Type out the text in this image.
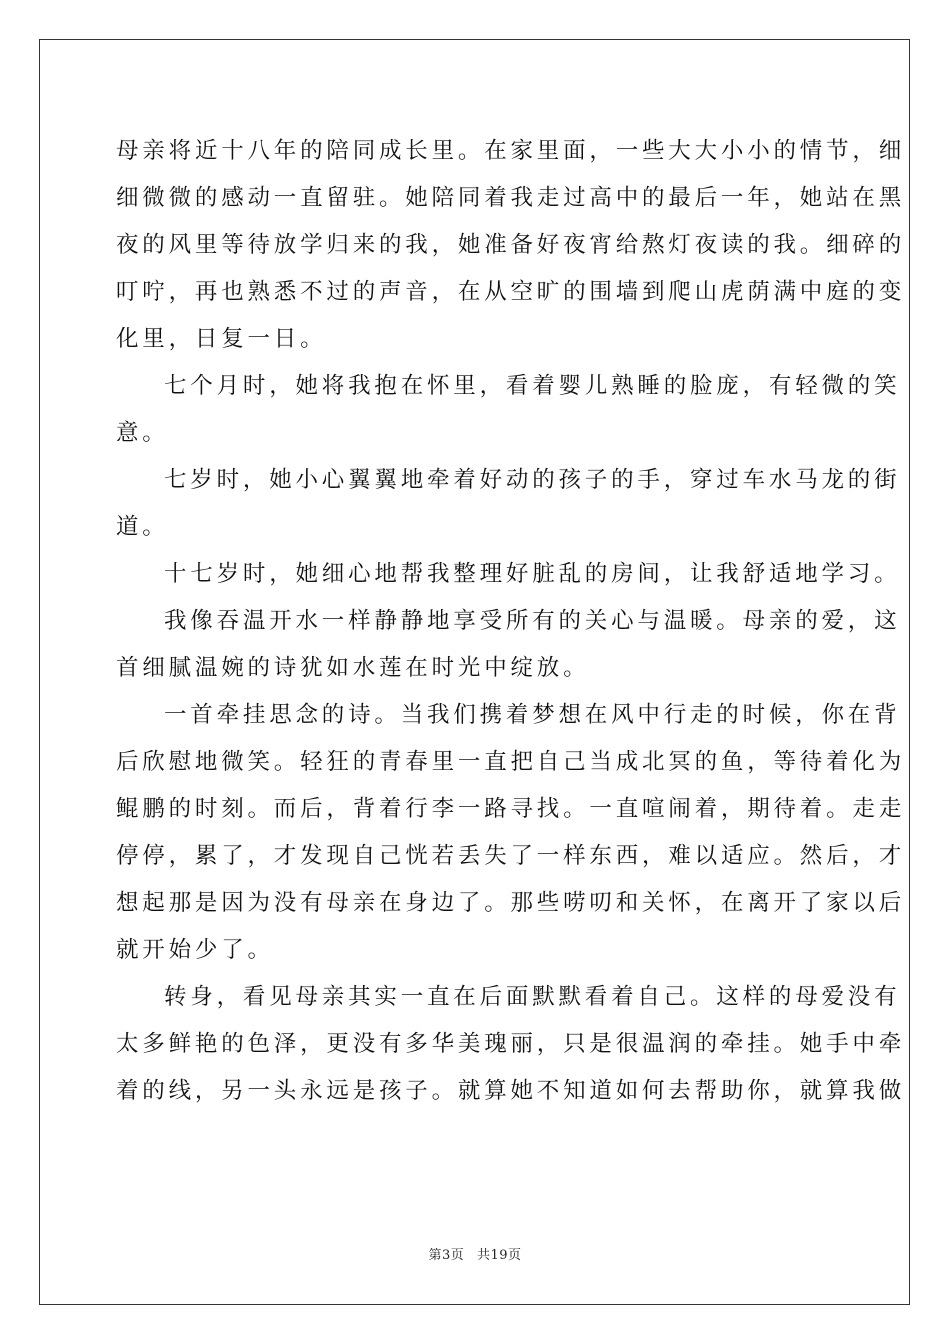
母亲将近十八年的陪同成长里。在家里面，一些大大小小的情节，细
细微微的感动一直留驻。她陪同着我走过高中的最后一年，她站在黑
夜的风里等待放学归来的我，她准备好夜宵给熬灯夜读的我。细碎的
叮咛，再也熟悉不过的声音，在从空旷的围墙到爬山虎荫满中庭的变
化里，日复一日。
七个月时，她将我抱在怀里，看着婴儿熟睡的脸庞，有轻微的笑
意。
七岁时，她小心翼翼地牵着好动的孩子的手，穿过车水马龙的街
道。
十七岁时，她细心地帮我整理好脏乱的房间，让我舒适地学习。
我像吞温开水一样静静地享受所有的关心与温暖。母亲的爱，这
首细腻温婉的诗犹如水莲在时光中绽放。
一首牵挂思念的诗。当我们携着梦想在风中行走的时候，你在背
后欣慰地微笑。轻狂的青春里一直把自己当成北冥的鱼，等待着化为
鲲鹏的时刻。而后，背着行李一路寻找。一直喧闹着，期待着。走走
停停，累了，才发现自己恍若丢失了一样东西，难以适应。然后，才
想起那是因为没有母亲在身边了。那些唠叨和关怀，在离开了家以后
就开始少了。
转身，看见母亲其实一直在后面默默看着自己。这样的母爱没有
太多鲜艳的色泽，更没有多华美瑰丽，只是很温润的牵挂。她手中牵
着的线，另一头永远是孩子。就算她不知道如何去帮助你，就算我做
第3页 共19页
